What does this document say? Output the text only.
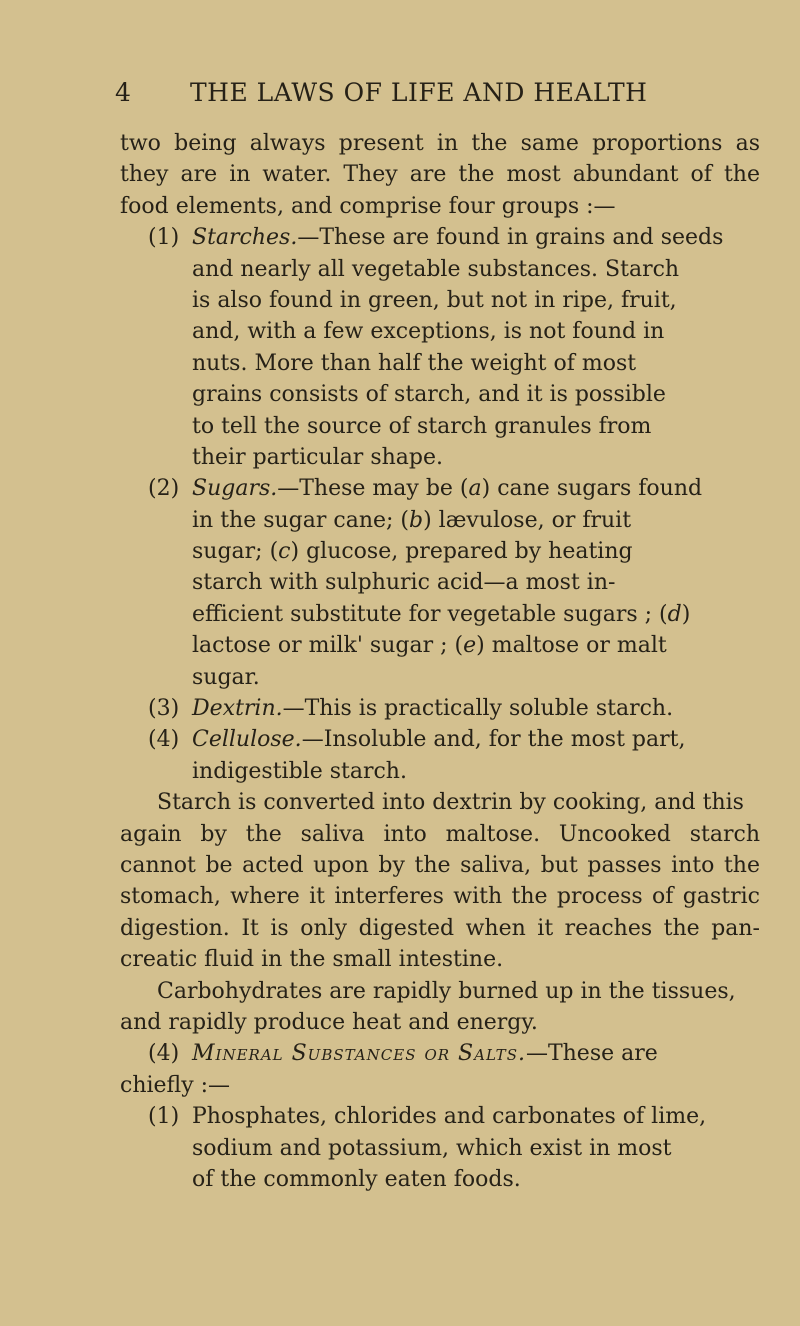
4 THE LAWS OF LIFE AND HEALTH
two being always present in the same proportions as
they are in water. They are the most abundant of the
food elements, and comprise four groups :—
(1) Starches.—These are found in grains and seeds
and nearly all vegetable substances. Starch
is also found in green, but not in ripe, fruit,
and, with a few exceptions, is not found in
nuts. More than half the weight of most
grains consists of starch, and it is possible
to tell the source of starch granules from
their particular shape.
(2) Sugars.—These may be (a) cane sugars found
in the sugar cane; (b) lævulose, or fruit
sugar; (c) glucose, prepared by heating
starch with sulphuric acid—a most in-
efficient substitute for vegetable sugars ; (d)
lactose or milk' sugar ; (e) maltose or malt
sugar.
(3) Dextrin.—This is practically soluble starch.
(4) Cellulose.—Insoluble and, for the most part,
indigestible starch.
Starch is converted into dextrin by cooking, and this
again by the saliva into maltose. Uncooked starch
cannot be acted upon by the saliva, but passes into the
stomach, where it interferes with the process of gastric
digestion. It is only digested when it reaches the pan-
creatic fluid in the small intestine.
Carbohydrates are rapidly burned up in the tissues,
and rapidly produce heat and energy.
(4) Mineral Substances or Salts.—These are
chiefly :—
(1) Phosphates, chlorides and carbonates of lime,
sodium and potassium, which exist in most
of the commonly eaten foods.
